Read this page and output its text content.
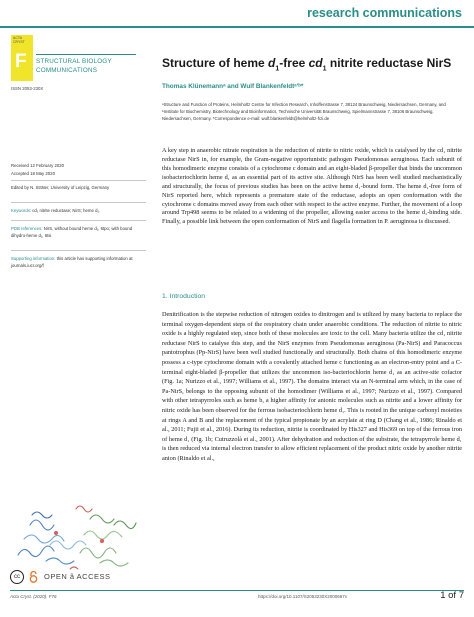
research communications
ACTA CRYST
F STRUCTURAL BIOLOGY
COMMUNICATIONS
ISSN 2053-230X
Structure of heme $d_1$-free $cd_1$ nitrite reductase NirS
Thomas Klünemannᵃ and Wulf Blankenfeldtᵃʼᵇ*
ᵃStructure and Function of Proteins, Helmholtz Centre for Infection Research, Inhoffenstrasse 7, 38124 Braunschweig, Niedersachsen, Germany, and ᵇInstitute for Biochemistry, Biotechnology and Bioinformatics, Technische Universität Braunschweig, Spielmannstrasse 7, 38106 Braunschweig, Niedersachsen, Germany. *Correspondence e-mail: wulf.blankenfeldt@helmholtz-hzi.de
Received 12 February 2020
Accepted 18 May 2020
Edited by N. Sträter, University of Leipzig, Germany
Keywords: cd₁ nitrite reductase; NirS; heme d₁.
PDB references: NirS, without bound heme d₁, 6tpo; with bound dihydro-heme d₁, 6tsi
Supporting information: this article has supporting information at journals.iucr.org/f
A key step in anaerobic nitrate respiration is the reduction of nitrite to nitric oxide, which is catalysed by the cd₁ nitrite reductase NirS in, for example, the Gram-negative opportunistic pathogen Pseudomonas aeruginosa. Each subunit of this homodimeric enzyme consists of a cytochrome c domain and an eight-bladed β-propeller that binds the uncommon isobacteriochlorin heme d₁ as an essential part of its active site. Although NirS has been well studied mechanistically and structurally, the focus of previous studies has been on the active heme d₁-bound form. The heme d₁-free form of NirS reported here, which represents a premature state of the reductase, adopts an open conformation with the cytochrome c domains moved away from each other with respect to the active enzyme. Further, the movement of a loop around Trp498 seems to be related to a widening of the propeller, allowing easier access to the heme d₁-binding side. Finally, a possible link between the open conformation of NirS and flagella formation in P. aeruginosa is discussed.
1. Introduction
Denitrification is the stepwise reduction of nitrogen oxides to dinitrogen and is utilized by many bacteria to replace the terminal oxygen-dependent steps of the respiratory chain under anaerobic conditions. The reduction of nitrite to nitric oxide is a highly regulated step, since both of these molecules are toxic to the cell. Many bacteria utilize the cd₁ nitrite reductase NirS to catalyse this step, and the NirS enzymes from Pseudomonas aeruginosa (Pa-NirS) and Paracoccus pantotrophus (Pp-NirS) have been well studied functionally and structurally. Both chains of this homodimeric enzyme possess a c-type cytochrome domain with a covalently attached heme c functioning as an electron-entry point and a C-terminal eight-bladed β-propeller that utilizes the uncommon iso-bacteriochlorin heme d₁ as an active-site cofactor (Fig. 1a; Nurizzo et al., 1997; Williams et al., 1997). The domains interact via an N-terminal arm which, in the case of Pa-NirS, belongs to the opposing subunit of the homodimer (Williams et al., 1997; Nurizzo et al., 1997). Compared with other tetrapyrroles such as heme b, a higher affinity for anionic molecules such as nitrite and a lower affinity for nitric oxide has been observed for the ferrous isobacteriochlorin heme d₁. This is rooted in the unique carbonyl moieties at rings A and B and the replacement of the typical propionate by an acrylate at ring D (Chang et al., 1986; Rinaldo et al., 2011; Fujii et al., 2016). During its reduction, nitrite is coordinated by His327 and His369 on top of the ferrous iron of heme d₁ (Fig. 1b; Cutruzzolà et al., 2001). After dehydration and reduction of the substrate, the tetrapyrrole heme d₁ is then reduced via internal electron transfer to allow efficient replacement of the product nitric oxide by another nitrite anion (Rinaldo et al.,
cc	OPEN â ACCESS
Acta Cryst. (2020). F76	https://doi.org/10.1107/S2053230X2000667x	1 of 7
